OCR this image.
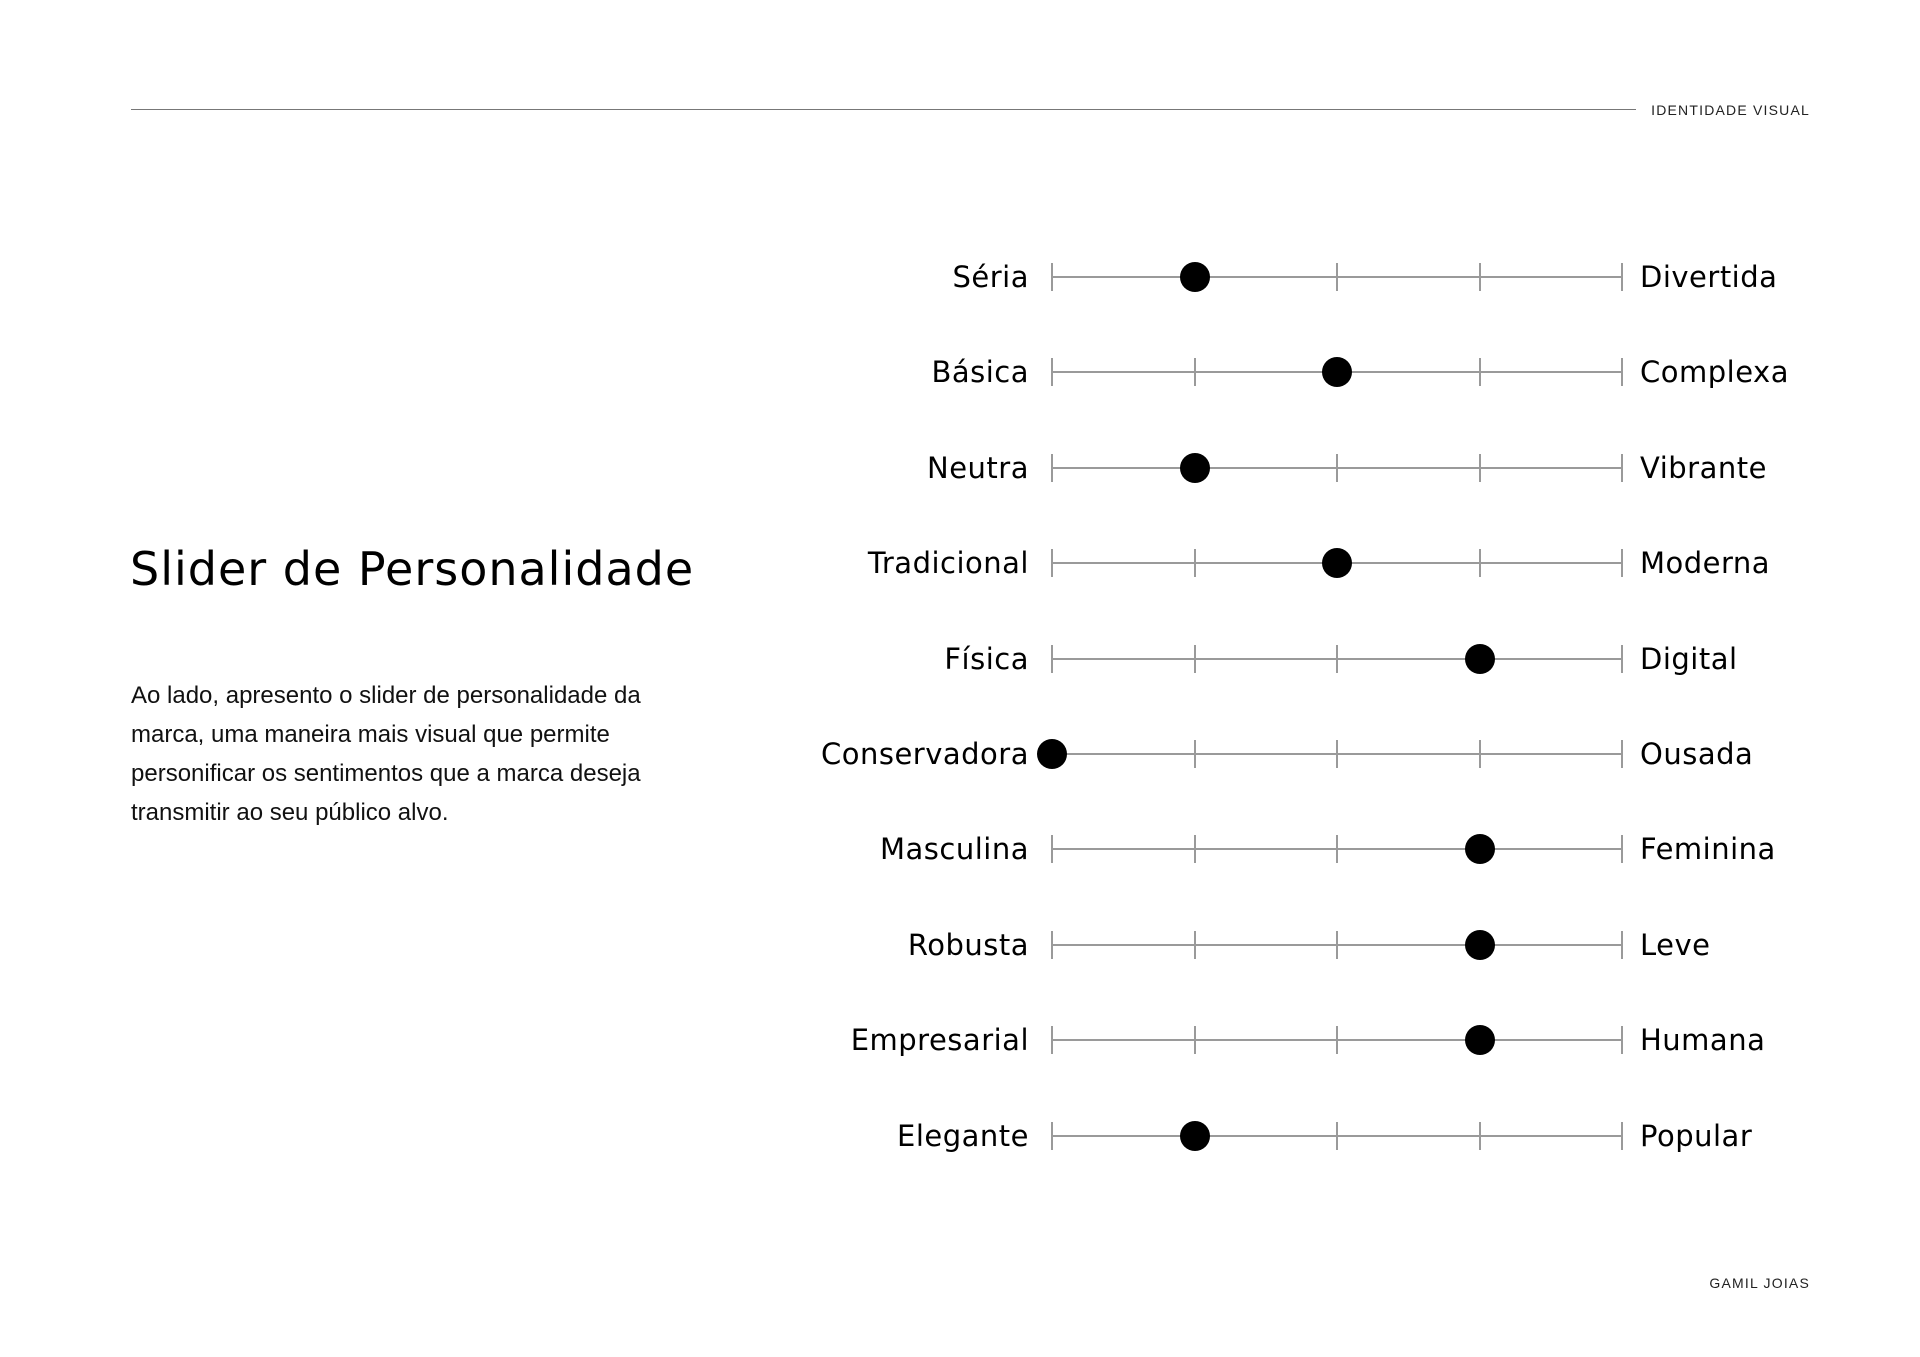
IDENTIDADE VISUAL
Slider de Personalidade

Ao lado, apresento o slider de personalidade da marca, uma maneira mais visual que permite personificar os sentimentos que a marca deseja transmitir ao seu público alvo.

Séria	Divertida
Básica	Complexa
Neutra	Vibrante
Tradicional	Moderna
Física	Digital
Conservadora	Ousada
Masculina	Feminina
Robusta	Leve
Empresarial	Humana
Elegante	Popular
GAMIL JOIAS
